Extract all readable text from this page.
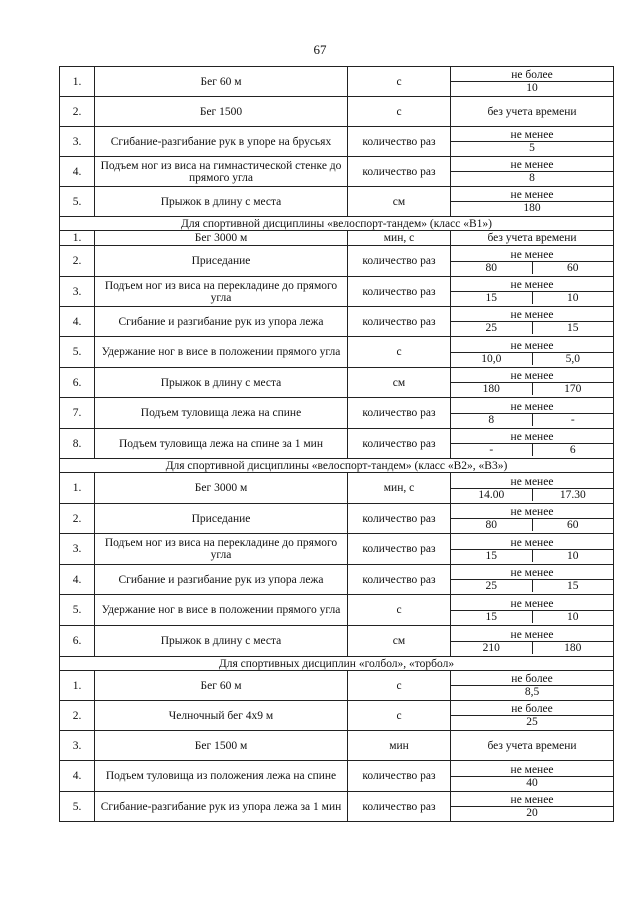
67
1.	Бег 60 м	с	
не более
10

2.	Бег 1500	с	без учета времени
3.	Сгибание-разгибание рук в упоре на брусьях	количество раз	
не менее
5

4.	Подъем ног из виса на гимнастической стенке до прямого угла	количество раз	
не менее
8

5.	Прыжок в длину с места	см	
не менее
180

Для спортивной дисциплины «велоспорт-тандем» (класс «В1»)
1.	Бег 3000 м	мин, с	без учета времени
2.	Приседание	количество раз	
не менее
80	60

3.	Подъем ног из виса на перекладине до прямого угла	количество раз	
не менее
15	10

4.	Сгибание и разгибание рук из упора лежа	количество раз	
не менее
25	15

5.	Удержание ног в висе в положении прямого угла	с	
не менее
10,0	5,0

6.	Прыжок в длину с места	см	
не менее
180	170

7.	Подъем туловища лежа на спине	количество раз	
не менее
8	-

8.	Подъем туловища лежа на спине за 1 мин	количество раз	
не менее
-	6

Для спортивной дисциплины «велоспорт-тандем» (класс «В2», «В3»)
1.	Бег 3000 м	мин, с	
не менее
14.00	17.30

2.	Приседание	количество раз	
не менее
80	60

3.	Подъем ног из виса на перекладине до прямого угла	количество раз	
не менее
15	10

4.	Сгибание и разгибание рук из упора лежа	количество раз	
не менее
25	15

5.	Удержание ног в висе в положении прямого угла	с	
не менее
15	10

6.	Прыжок в длину с места	см	
не менее
210	180

Для спортивных дисциплин «голбол», «торбол»
1.	Бег 60 м	с	
не более
8,5

2.	Челночный бег 4х9 м	с	
не более
25

3.	Бег 1500 м	мин	без учета времени
4.	Подъем туловища из положения лежа на спине	количество раз	
не менее
40

5.	Сгибание-разгибание рук из упора лежа за 1 мин	количество раз	
не менее
20
